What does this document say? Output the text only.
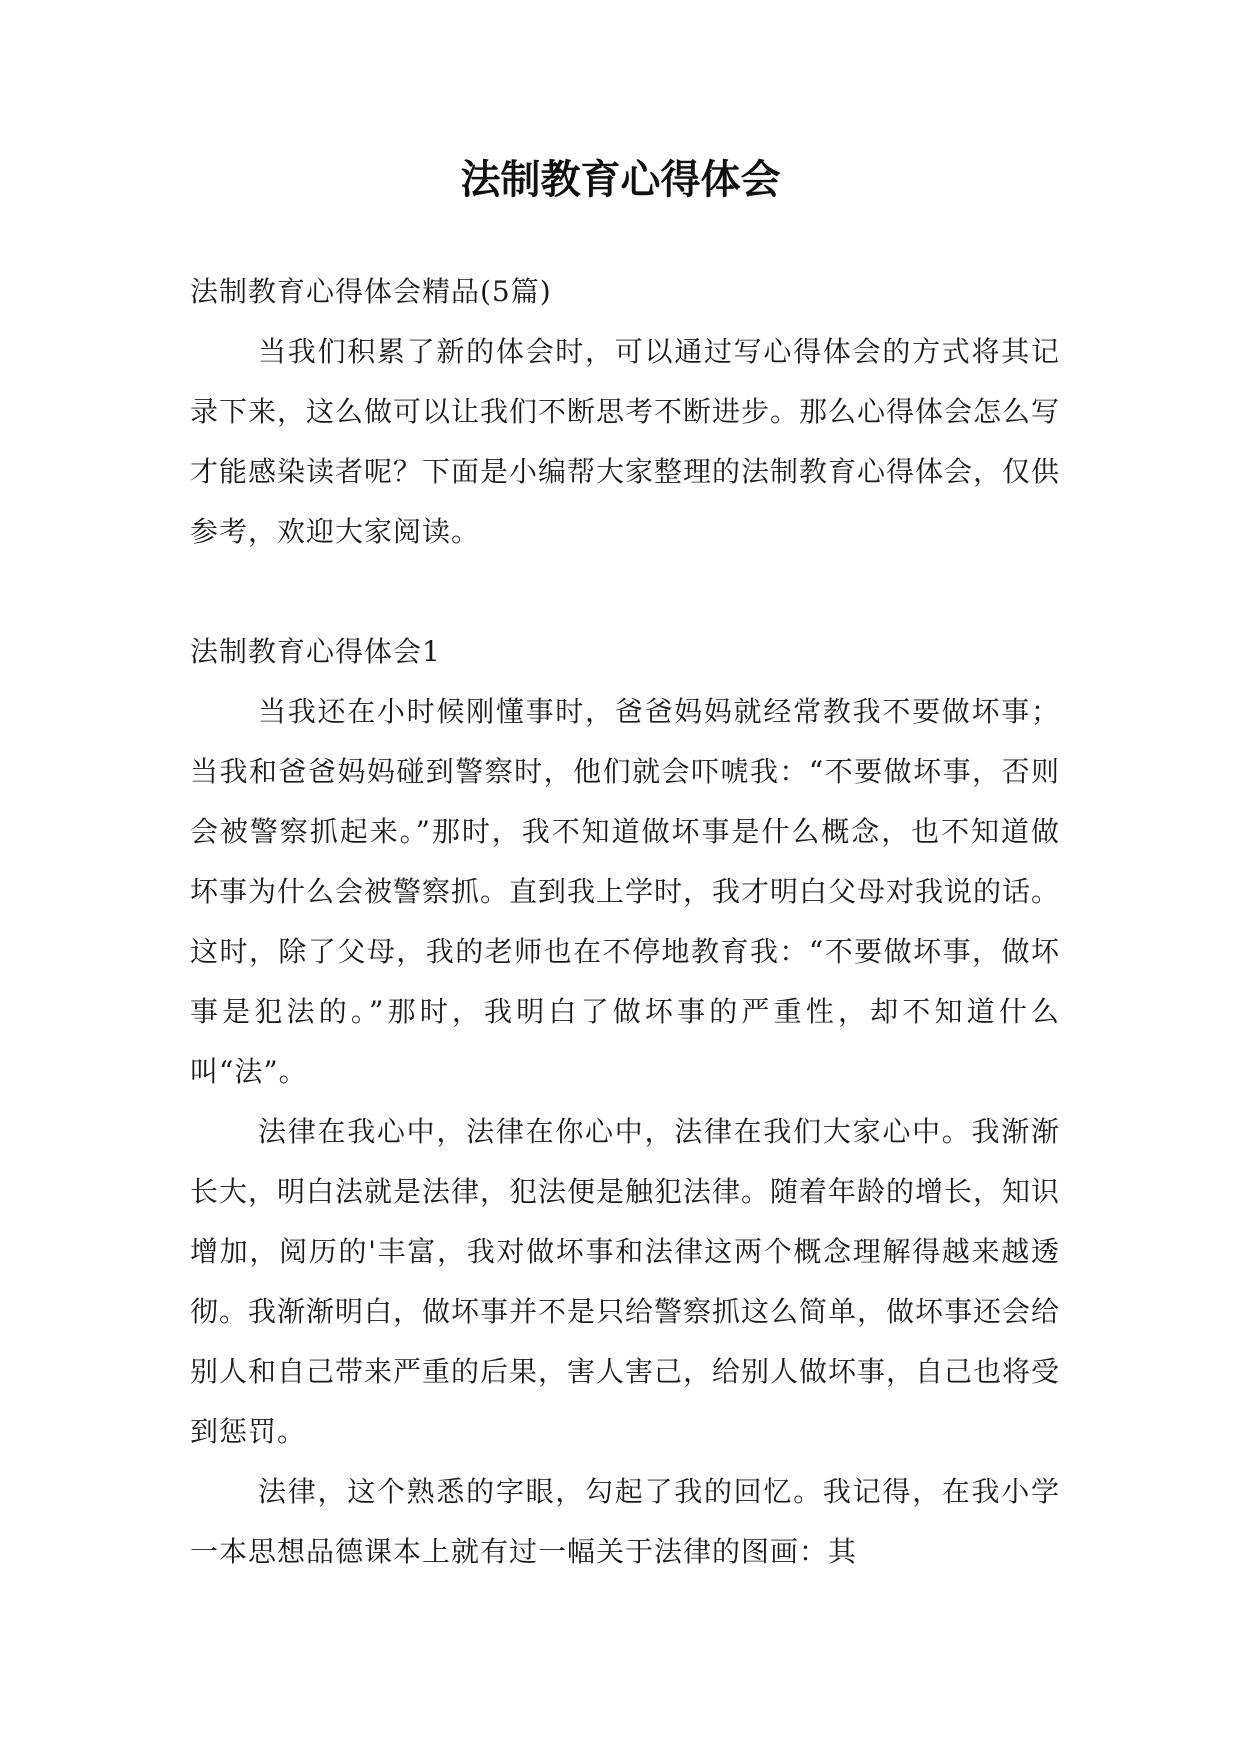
法制教育心得体会

法制教育心得体会精品(5篇)

当我们积累了新的体会时，可以通过写心得体会的方式将其记录下来，这么做可以让我们不断思考不断进步。那么心得体会怎么写才能感染读者呢？下面是小编帮大家整理的法制教育心得体会，仅供参考，欢迎大家阅读。

法制教育心得体会1

当我还在小时候刚懂事时，爸爸妈妈就经常教我不要做坏事；当我和爸爸妈妈碰到警察时，他们就会吓唬我：“不要做坏事，否则会被警察抓起来。”那时，我不知道做坏事是什么概念，也不知道做坏事为什么会被警察抓。直到我上学时，我才明白父母对我说的话。这时，除了父母，我的老师也在不停地教育我：“不要做坏事，做坏事是犯法的。”那时，我明白了做坏事的严重性，却不知道什么叫“法”。

法律在我心中，法律在你心中，法律在我们大家心中。我渐渐长大，明白法就是法律，犯法便是触犯法律。随着年龄的增长，知识增加，阅历的'丰富，我对做坏事和法律这两个概念理解得越来越透彻。我渐渐明白，做坏事并不是只给警察抓这么简单，做坏事还会给别人和自己带来严重的后果，害人害己，给别人做坏事，自己也将受到惩罚。

法律，这个熟悉的字眼，勾起了我的回忆。我记得，在我小学一本思想品德课本上就有过一幅关于法律的图画：其
